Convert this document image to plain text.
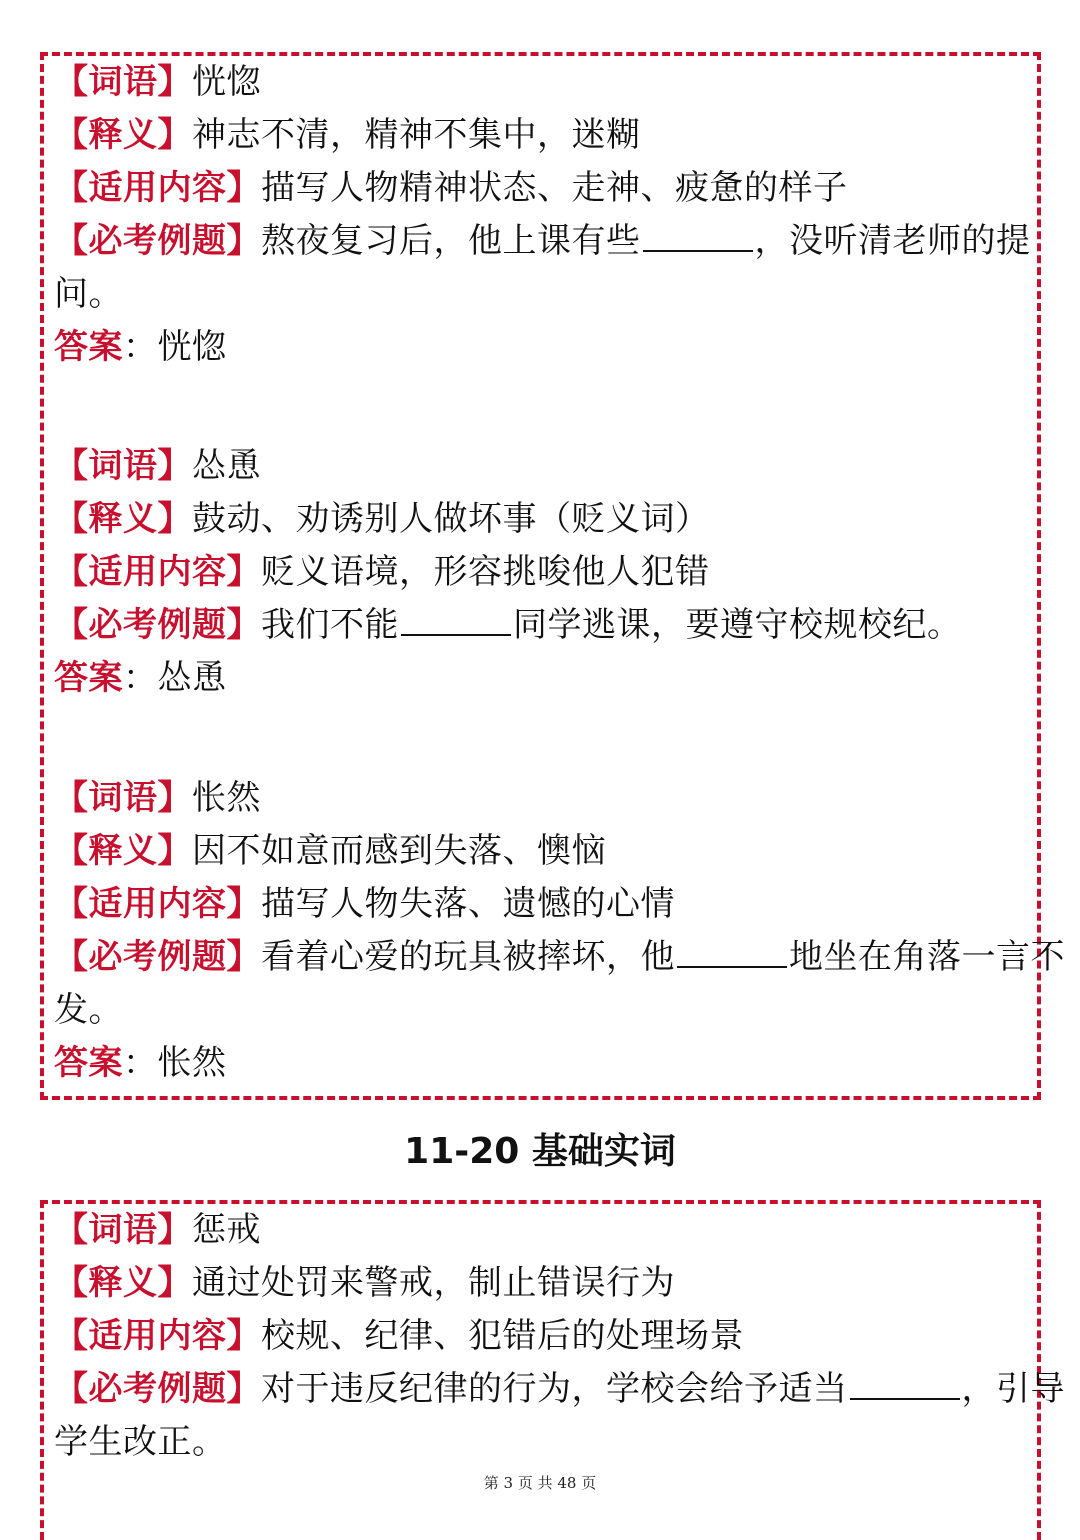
【词语】恍惚
【释义】神志不清，精神不集中，迷糊
【适用内容】描写人物精神状态、走神、疲惫的样子
【必考例题】熬夜复习后，他上课有些	，没听清老师的提
问。
答案：恍惚
【词语】怂恿
【释义】鼓动、劝诱别人做坏事（贬义词）
【适用内容】贬义语境，形容挑唆他人犯错
【必考例题】我们不能	同学逃课，要遵守校规校纪。
答案：怂恿
【词语】怅然
【释义】因不如意而感到失落、懊恼
【适用内容】描写人物失落、遗憾的心情
【必考例题】看着心爱的玩具被摔坏，他	地坐在角落一言不
发。
答案：怅然
11-20 基础实词
【词语】惩戒
【释义】通过处罚来警戒，制止错误行为
【适用内容】校规、纪律、犯错后的处理场景
【必考例题】对于违反纪律的行为，学校会给予适当	，引导
学生改正。
第 3 页 共 48 页
